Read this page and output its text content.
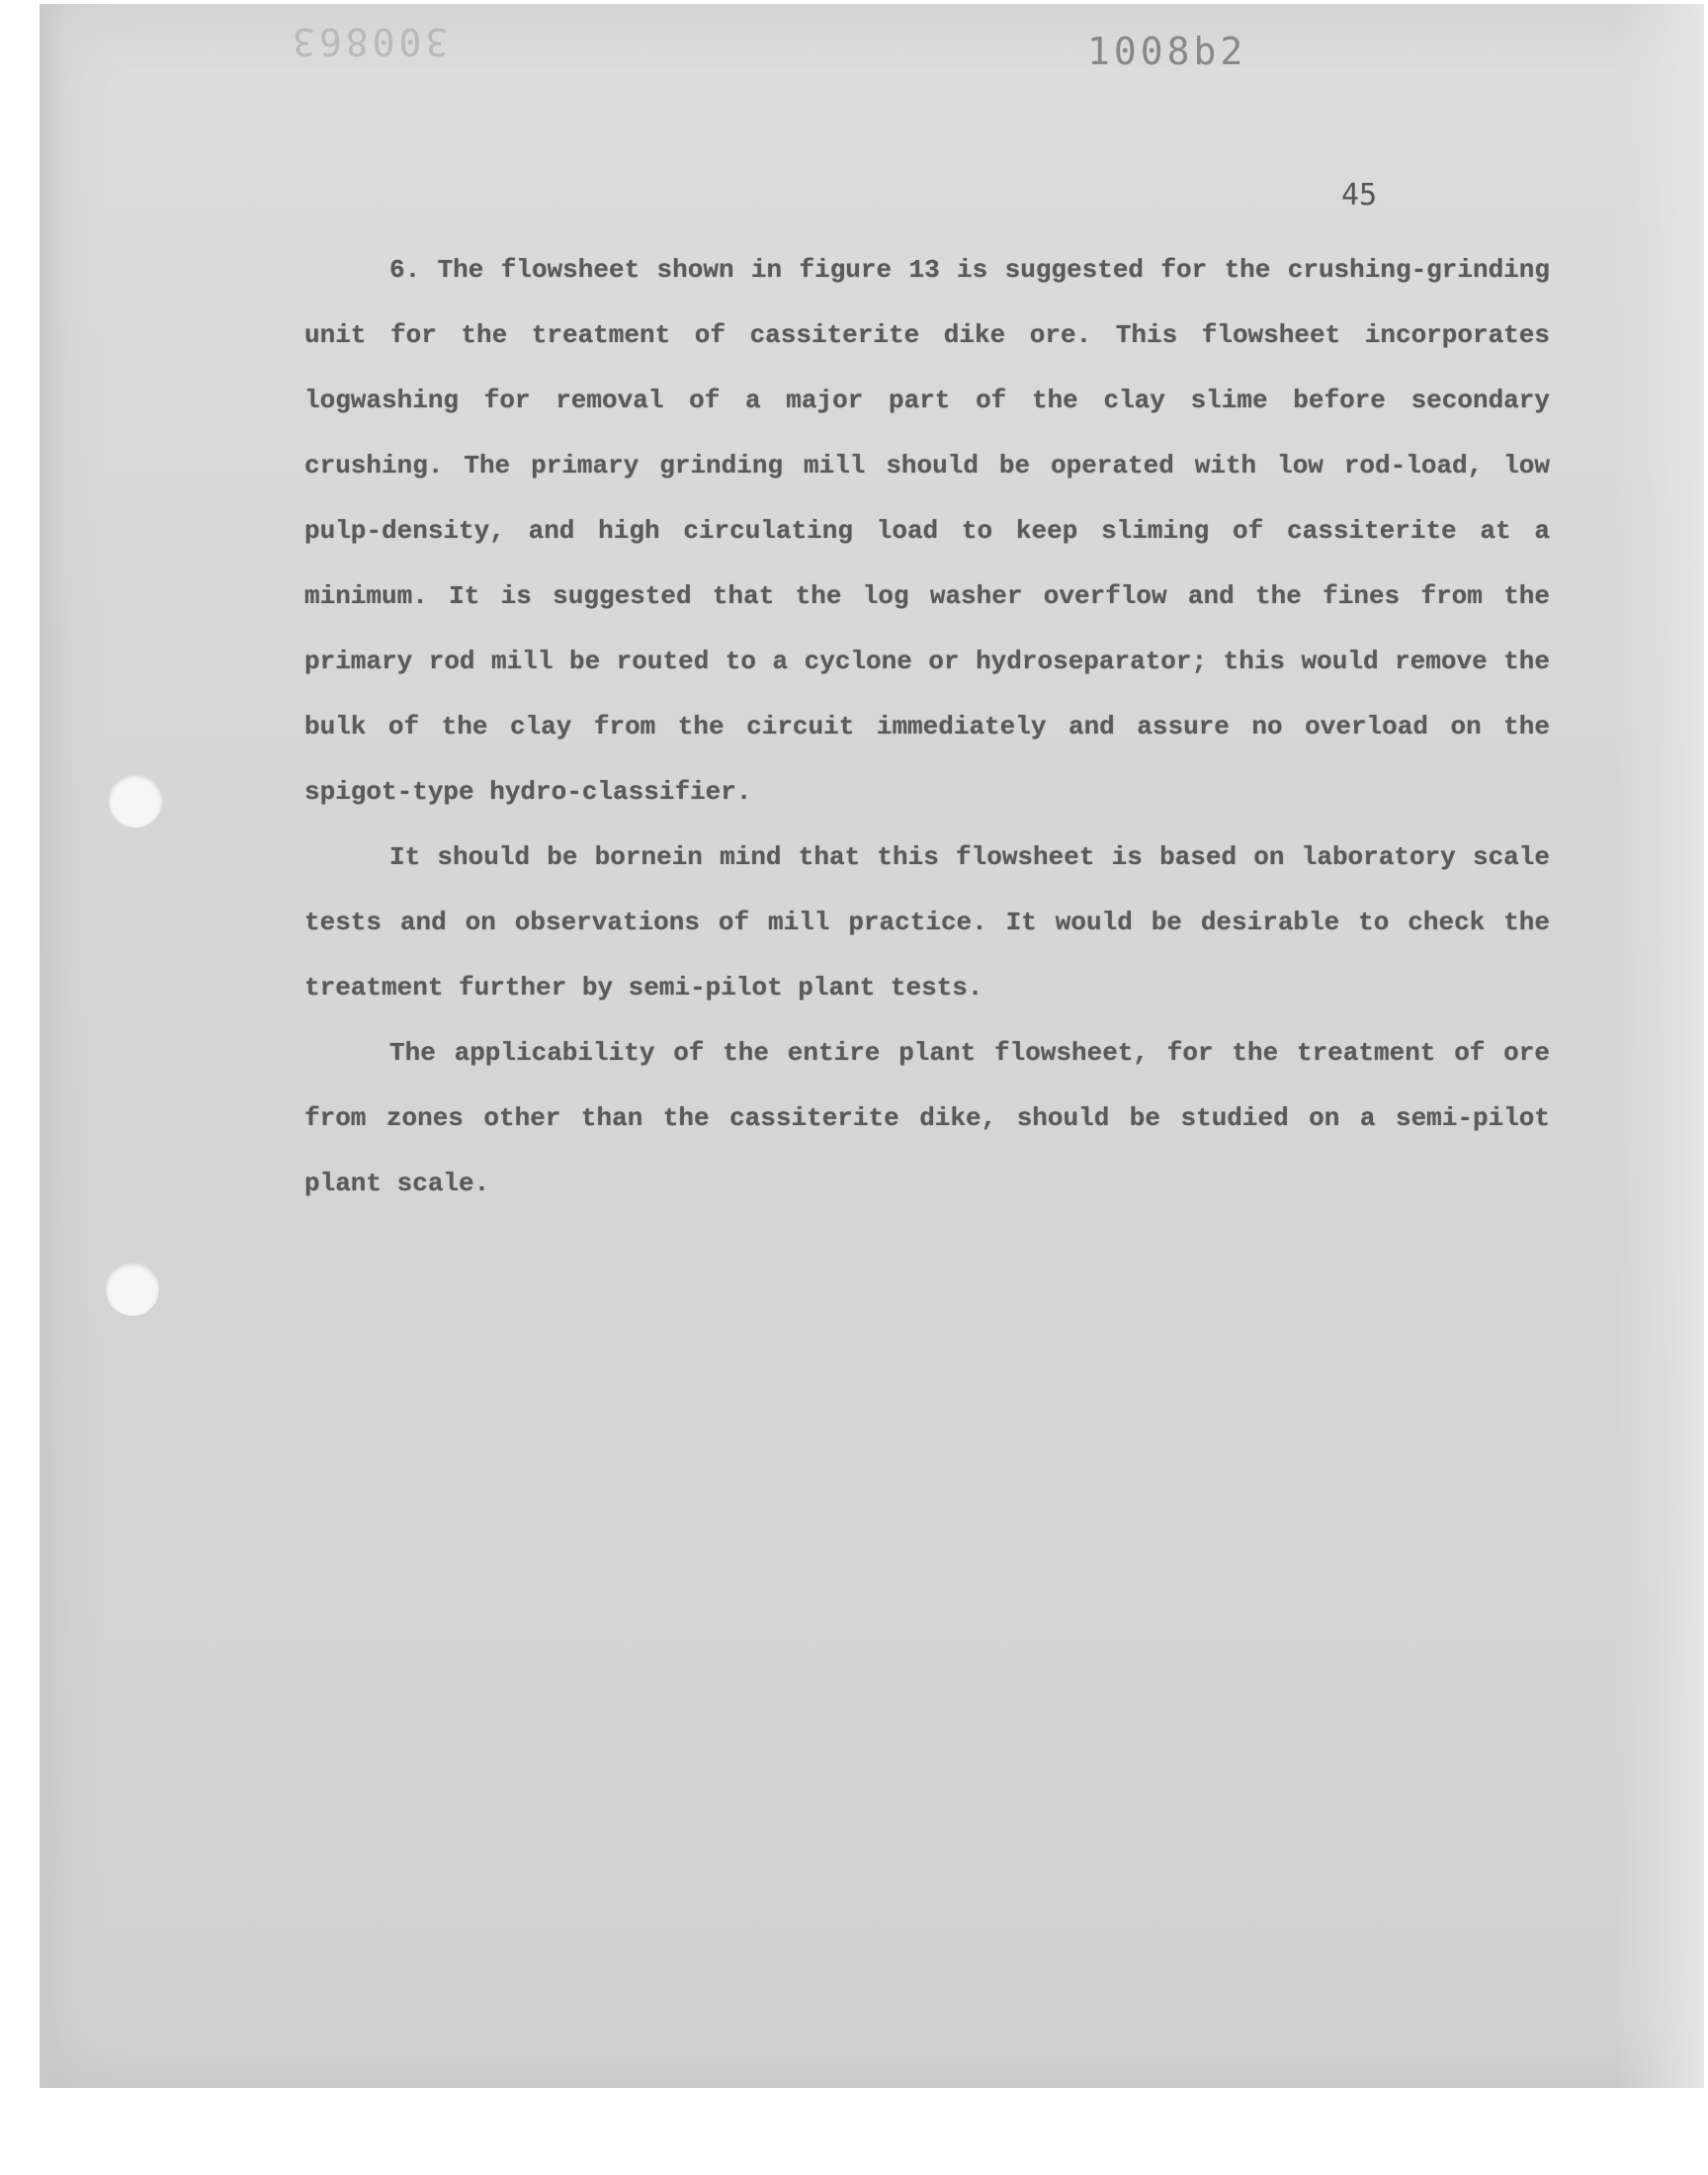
300863	1008b2
45

6. The flowsheet shown in figure 13 is suggested for the crushing-grinding unit for the treatment of cassiterite dike ore. This flowsheet incorporates logwashing for removal of a major part of the clay slime before secondary crushing. The primary grinding mill should be operated with low rod-load, low pulp-density, and high circulating load to keep sliming of cassiterite at a minimum. It is suggested that the log washer overflow and the fines from the primary rod mill be routed to a cyclone or hydroseparator; this would remove the bulk of the clay from the circuit immediately and assure no overload on the spigot-type hydro-classifier.

It should be bornein mind that this flowsheet is based on laboratory scale tests and on observations of mill practice. It would be desirable to check the treatment further by semi-pilot plant tests.

The applicability of the entire plant flowsheet, for the treatment of ore from zones other than the cassiterite dike, should be studied on a semi-pilot plant scale.
